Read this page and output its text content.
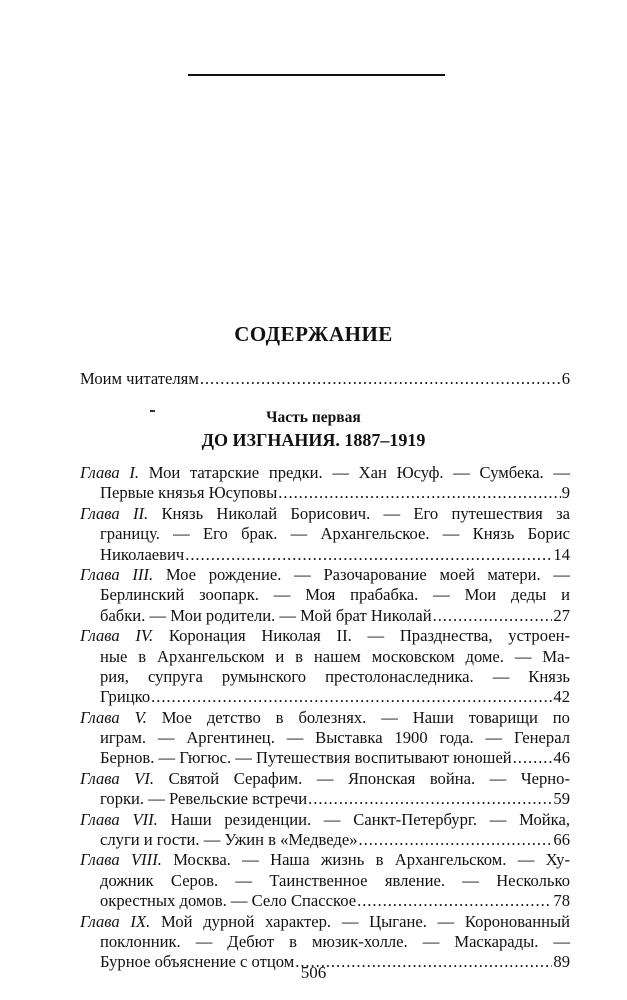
СОДЕРЖАНИЕ
Моим читателям . . .	6
Часть первая
ДО ИЗГНАНИЯ. 1887–1919
Глава I. Мои татарские предки. — Хан Юсуф. — Сумбека. —
Первые князья Юсуповы . . .	9
Глава II. Князь Николай Борисович. — Его путешествия за
границу. — Его брак. — Архангельское. — Князь Борис
Николаевич . . .	14
Глава III. Мое рождение. — Разочарование моей матери. —
Берлинский зоопарк. — Моя прабабка. — Мои деды и
бабки. — Мои родители. — Мой брат Николай . . .	27
Глава IV. Коронация Николая II. — Празднества, устроен-
ные в Архангельском и в нашем московском доме. — Ма-
рия, супруга румынского престолонаследника. — Князь
Грицко . . .	42
Глава V. Мое детство в болезнях. — Наши товарищи по
играм. — Аргентинец. — Выставка 1900 года. — Генерал
Бернов. — Гюгюс. — Путешествия воспитывают юношей . . .	46
Глава VI. Святой Серафим. — Японская война. — Черно-
горки. — Ревельские встречи . . .	59
Глава VII. Наши резиденции. — Санкт-Петербург. — Мойка,
слуги и гости. — Ужин в «Медведе» . . .	66
Глава VIII. Москва. — Наша жизнь в Архангельском. — Ху-
дожник Серов. — Таинственное явление. — Несколько
окрестных домов. — Село Спасское . . .	78
Глава IX. Мой дурной характер. — Цыгане. — Коронованный
поклонник. — Дебют в мюзик-холле. — Маскарады. —
Бурное объяснение с отцом . . .	89
506
